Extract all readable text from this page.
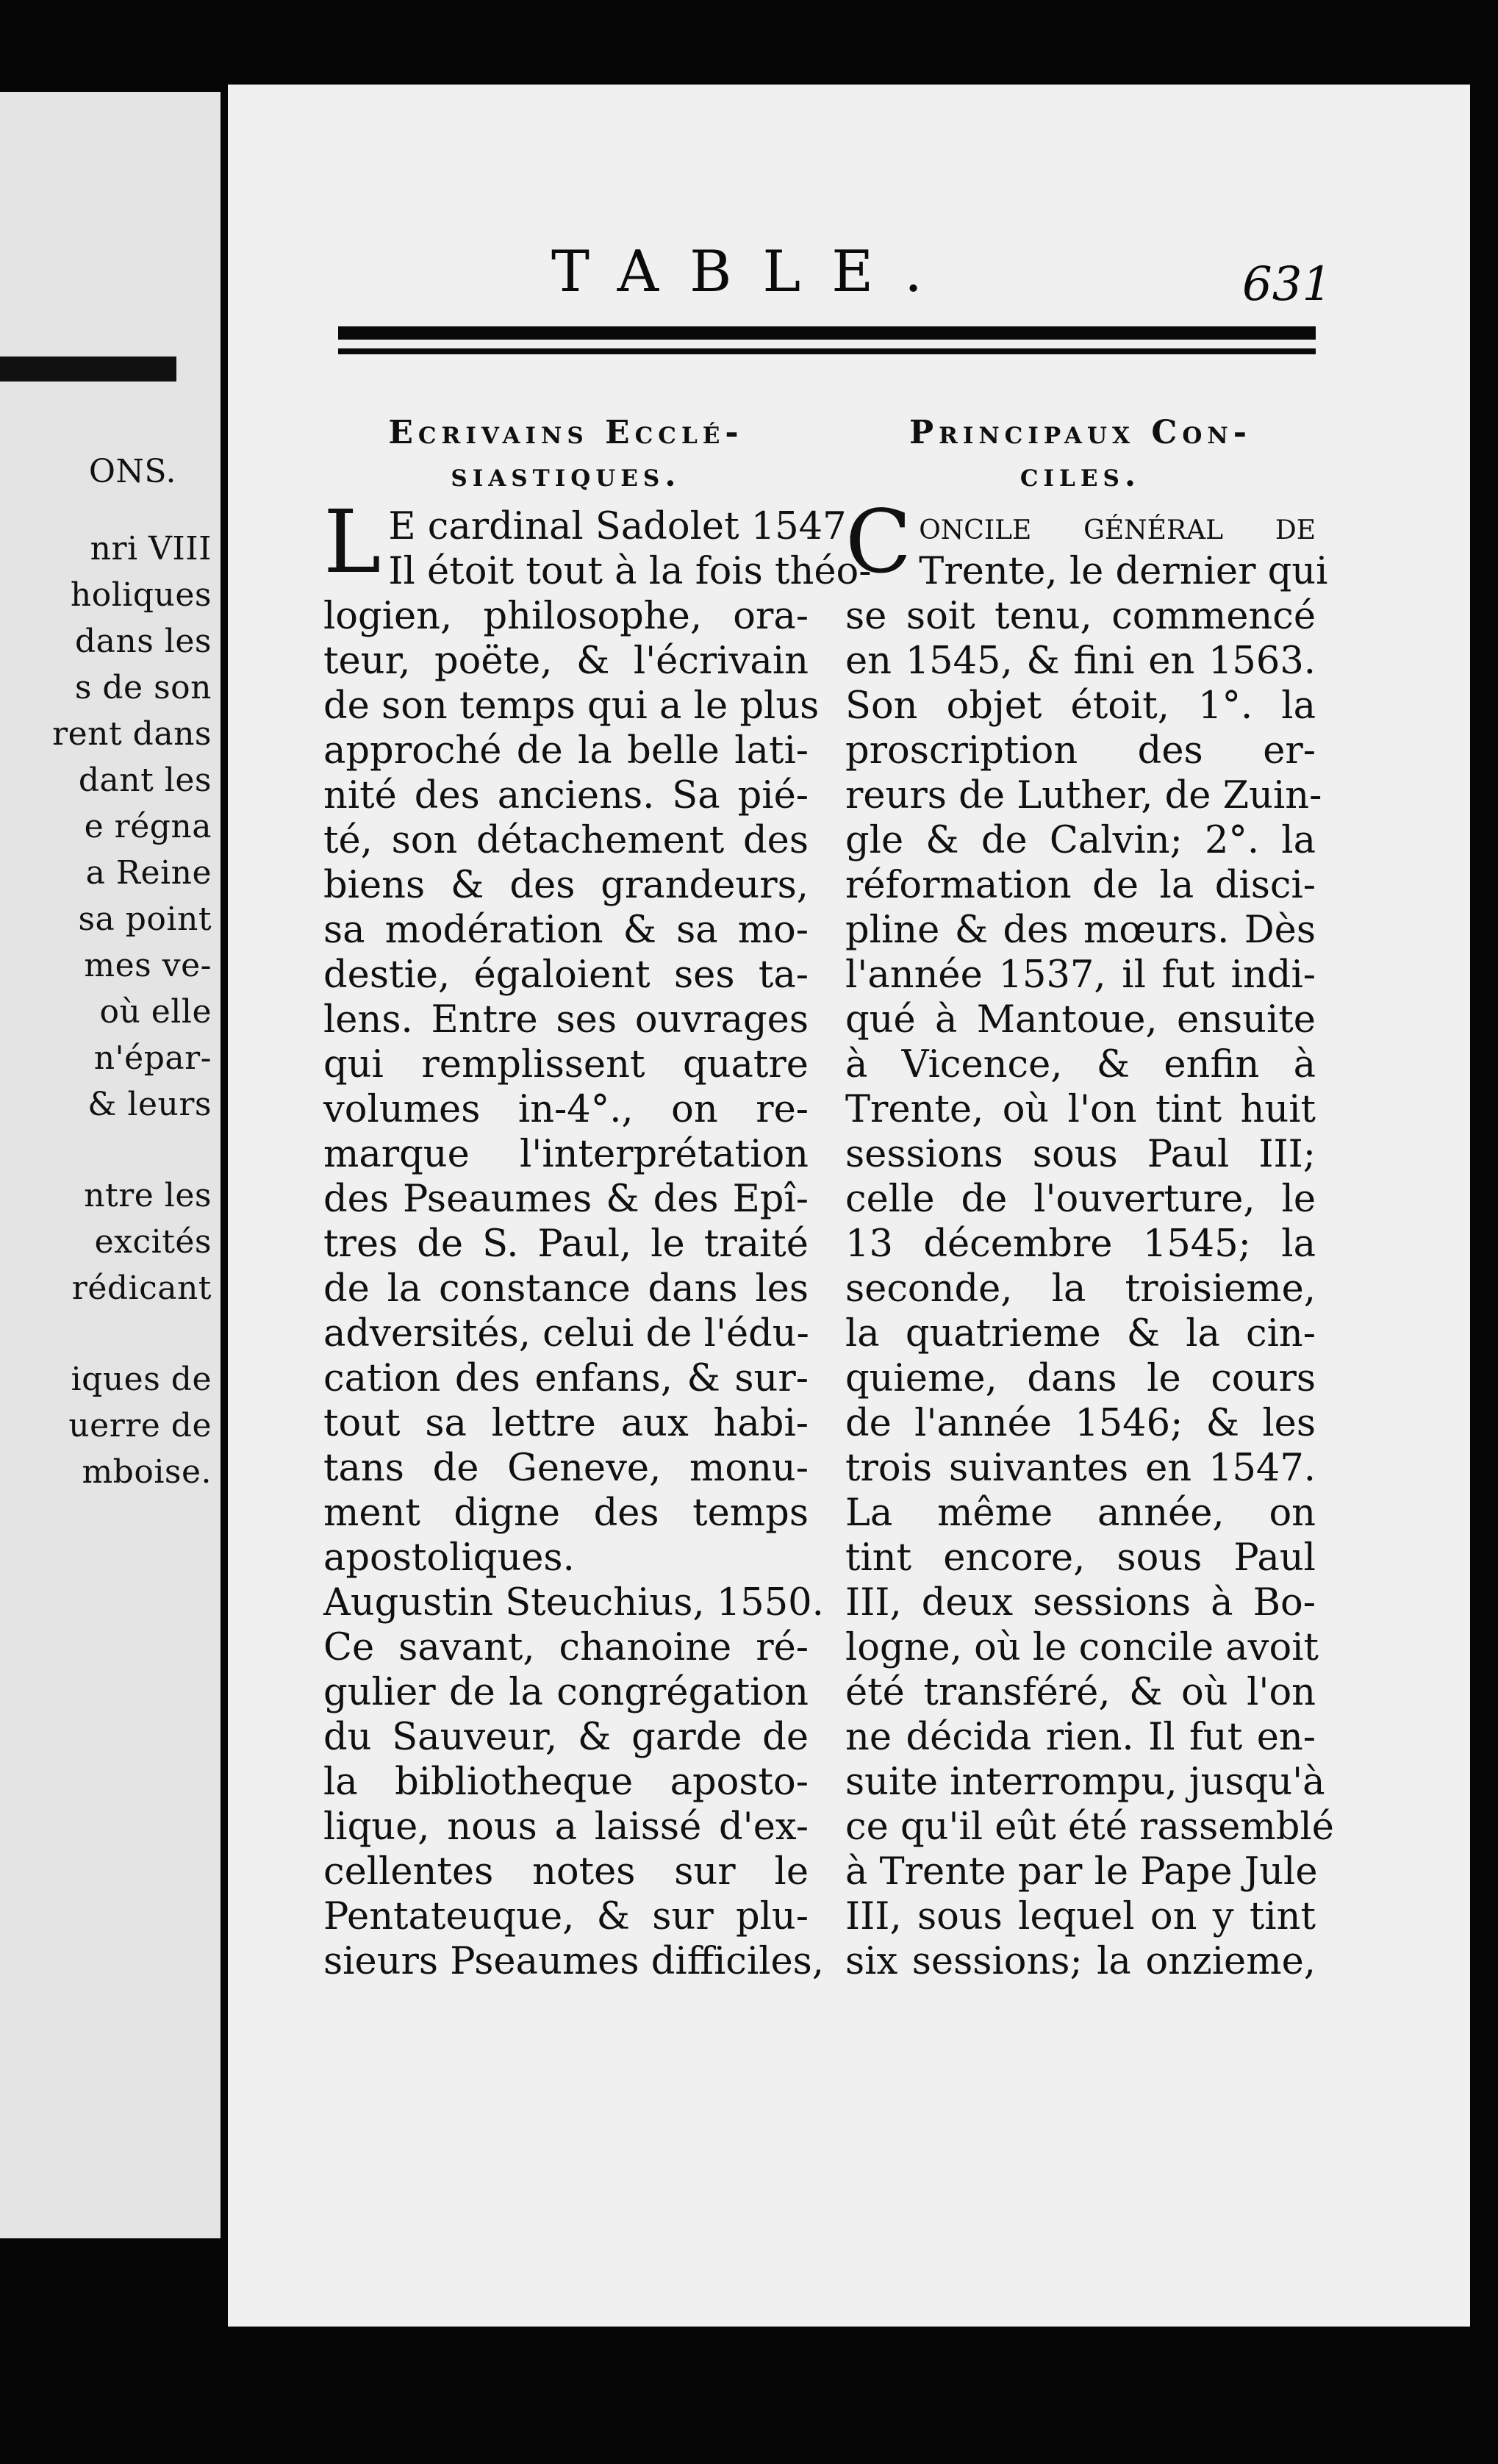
ONS.
nri VIII
holiques
dans les
s de son
rent dans
dant les
e régna
a Reine
sa point
mes ve-
où elle
n'épar-
& leurs
ntre les
excités
rédicant
iques de
uerre de
mboise.
TABLE.	631
Ecrivains Ecclé-
siastiques.
L E cardinal Sadolet 1547.
Il étoit tout à la fois théo-
logien, philosophe, ora-
teur, poëte, & l'écrivain
de son temps qui a le plus
approché de la belle lati-
nité des anciens. Sa pié-
té, son détachement des
biens & des grandeurs,
sa modération & sa mo-
destie, égaloient ses ta-
lens. Entre ses ouvrages
qui remplissent quatre
volumes in-4°., on re-
marque l'interprétation
des Pseaumes & des Epî-
tres de S. Paul, le traité
de la constance dans les
adversités, celui de l'édu-
cation des enfans, & sur-
tout sa lettre aux habi-
tans de Geneve, monu-
ment digne des temps
apostoliques.
Augustin Steuchius, 1550.
Ce savant, chanoine ré-
gulier de la congrégation
du Sauveur, & garde de
la bibliotheque aposto-
lique, nous a laissé d'ex-
cellentes notes sur le
Pentateuque, & sur plu-
sieurs Pseaumes difficiles,
Principaux Con-
ciles.
C oncile général de
Trente, le dernier qui
se soit tenu, commencé
en 1545, & fini en 1563.
Son objet étoit, 1°. la
proscription des er-
reurs de Luther, de Zuin-
gle & de Calvin; 2°. la
réformation de la disci-
pline & des mœurs. Dès
l'année 1537, il fut indi-
qué à Mantoue, ensuite
à Vicence, & enfin à
Trente, où l'on tint huit
sessions sous Paul III;
celle de l'ouverture, le
13 décembre 1545; la
seconde, la troisieme,
la quatrieme & la cin-
quieme, dans le cours
de l'année 1546; & les
trois suivantes en 1547.
La même année, on
tint encore, sous Paul
III, deux sessions à Bo-
logne, où le concile avoit
été transféré, & où l'on
ne décida rien. Il fut en-
suite interrompu, jusqu'à
ce qu'il eût été rassemblé
à Trente par le Pape Jule
III, sous lequel on y tint
six sessions; la onzieme,
